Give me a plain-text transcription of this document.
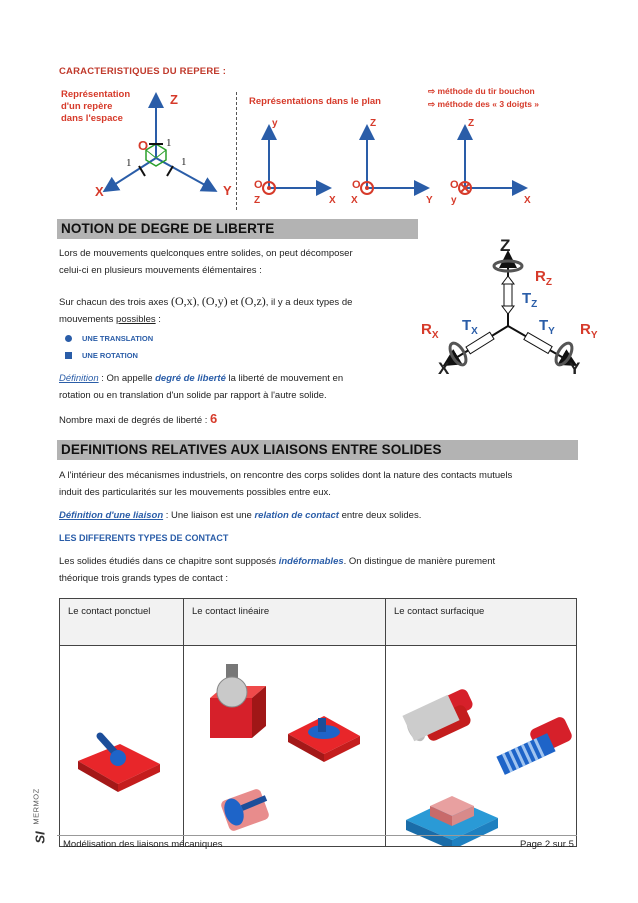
CARACTERISTIQUES DU REPERE :
Représentation
d'un repère
dans l'espace
Représentations dans le plan
⇨ méthode du tir bouchon
⇨ méthode des « 3 doigts »
Z
O 1
1	1
X	Y
y
O
Z	X
Z
O
X	Y
Z
O
y	X
NOTION DE DEGRE DE LIBERTE
Lors de mouvements quelconques entre solides, on peut décomposer
celui-ci en plusieurs mouvements élémentaires :
Sur chacun des trois axes (O,x), (O,y) et (O,z), il y a deux types de
mouvements possibles :
UNE TRANSLATION
UNE ROTATION
Définition : On appelle degré de liberté la liberté de mouvement en
rotation ou en translation d'un solide par rapport à l'autre solide.
Nombre maxi de degrés de liberté : 6
Z
X	Y
$R_Z$
$T_Z$
$R_X$
$T_X$	$T_Y$ $R_Y$
DEFINITIONS RELATIVES AUX LIAISONS ENTRE SOLIDES
A l'intérieur des mécanismes industriels, on rencontre des corps solides dont la nature des contacts mutuels
induit des particularités sur les mouvements possibles entre eux.
Définition d'une liaison : Une liaison est une relation de contact entre deux solides.
LES DIFFERENTS TYPES DE CONTACT
Les solides étudiés dans ce chapitre sont supposés indéformables. On distingue de manière purement
théorique trois grands types de contact :
Le contact ponctuel	Le contact linéaire	Le contact surfacique

SI
MERMOZ
Modélisation des liaisons mécaniques	Page 2 sur 5
